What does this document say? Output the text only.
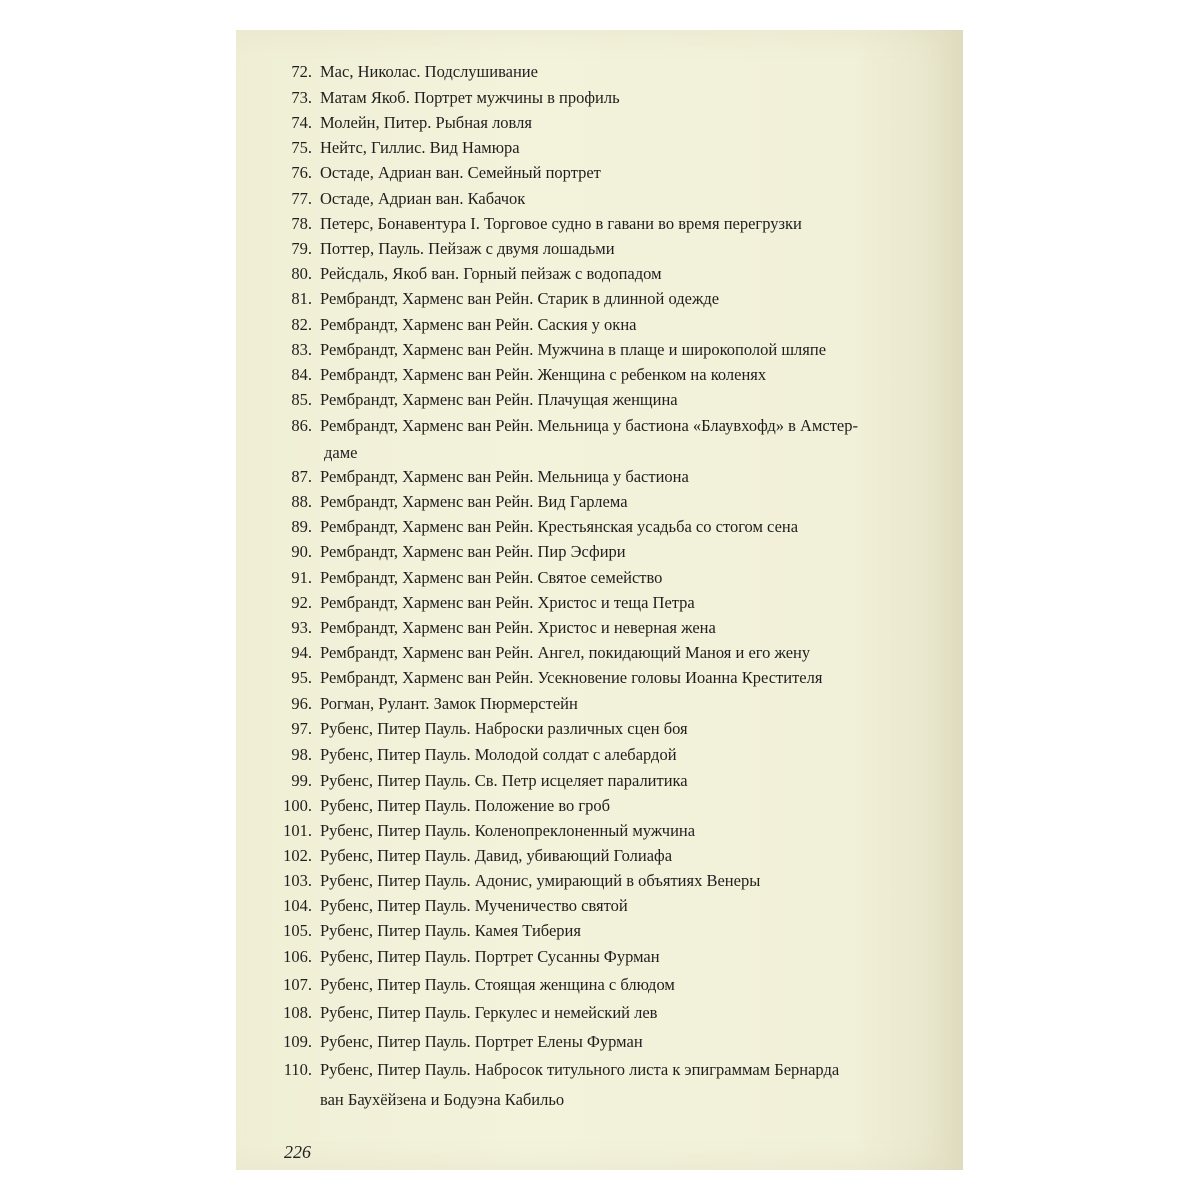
72. Мас, Николас. Подслушивание
73. Матам Якоб. Портрет мужчины в профиль
74. Молейн, Питер. Рыбная ловля
75. Нейтс, Гиллис. Вид Намюра
76. Остаде, Адриан ван. Семейный портрет
77. Остаде, Адриан ван. Кабачок
78. Петерс, Бонавентура I. Торговое судно в гавани во время перегрузки
79. Поттер, Пауль. Пейзаж с двумя лошадьми
80. Рейсдаль, Якоб ван. Горный пейзаж с водопадом
81. Рембрандт, Харменс ван Рейн. Старик в длинной одежде
82. Рембрандт, Харменс ван Рейн. Саския у окна
83. Рембрандт, Харменс ван Рейн. Мужчина в плаще и широкополой шляпе
84. Рембрандт, Харменс ван Рейн. Женщина с ребенком на коленях
85. Рембрандт, Харменс ван Рейн. Плачущая женщина
86. Рембрандт, Харменс ван Рейн. Мельница у бастиона «Блаувхофд» в Амстер-
даме
87. Рембрандт, Харменс ван Рейн. Мельница у бастиона
88. Рембрандт, Харменс ван Рейн. Вид Гарлема
89. Рембрандт, Харменс ван Рейн. Крестьянская усадьба со стогом сена
90. Рембрандт, Харменс ван Рейн. Пир Эсфири
91. Рембрандт, Харменс ван Рейн. Святое семейство
92. Рембрандт, Харменс ван Рейн. Христос и теща Петра
93. Рембрандт, Харменс ван Рейн. Христос и неверная жена
94. Рембрандт, Харменс ван Рейн. Ангел, покидающий Маноя и его жену
95. Рембрандт, Харменс ван Рейн. Усекновение головы Иоанна Крестителя
96. Рогман, Рулант. Замок Пюрмерстейн
97. Рубенс, Питер Пауль. Наброски различных сцен боя
98. Рубенс, Питер Пауль. Молодой солдат с алебардой
99. Рубенс, Питер Пауль. Св. Петр исцеляет паралитика
100. Рубенс, Питер Пауль. Положение во гроб
101. Рубенс, Питер Пауль. Коленопреклоненный мужчина
102. Рубенс, Питер Пауль. Давид, убивающий Голиафа
103. Рубенс, Питер Пауль. Адонис, умирающий в объятиях Венеры
104. Рубенс, Питер Пауль. Мученичество святой
105. Рубенс, Питер Пауль. Камея Тиберия
106. Рубенс, Питер Пауль. Портрет Сусанны Фурман
107. Рубенс, Питер Пауль. Стоящая женщина с блюдом
108. Рубенс, Питер Пауль. Геркулес и немейский лев
109. Рубенс, Питер Пауль. Портрет Елены Фурман
110. Рубенс, Питер Пауль. Набросок титульного листа к эпиграммам Бернарда
ван Баухёйзена и Бодуэна Кабильо
226
